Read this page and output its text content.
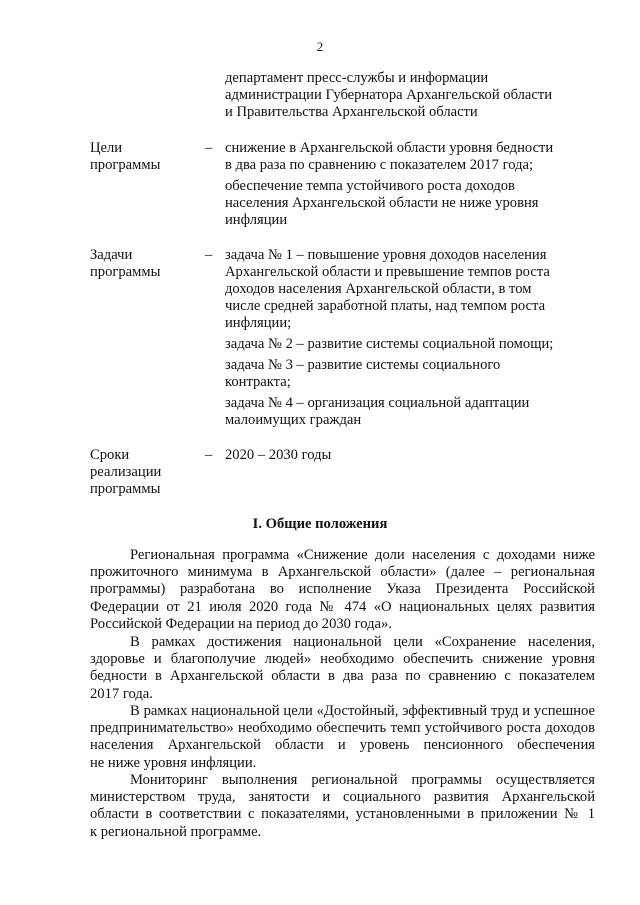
2
департамент пресс-службы и информации
администрации Губернатора Архангельской области
и Правительства Архангельской области
Цели
программы
– снижение в Архангельской области уровня бедности
в два раза по сравнению с показателем 2017 года;
обеспечение темпа устойчивого роста доходов
населения Архангельской области не ниже уровня
инфляции
Задачи
программы
– задача № 1 – повышение уровня доходов населения
Архангельской области и превышение темпов роста
доходов населения Архангельской области, в том
числе средней заработной платы, над темпом роста
инфляции;
задача № 2 – развитие системы социальной помощи;
задача № 3 – развитие системы социального
контракта;
задача № 4 – организация социальной адаптации
малоимущих граждан
Сроки
реализации
программы
– 2020 – 2030 годы
I. Общие положения
Региональная программа «Снижение доли населения с доходами ниже
прожиточного минимума в Архангельской области» (далее – региональная
программы) разработана во исполнение Указа Президента Российской
Федерации от 21 июля 2020 года № 474 «О национальных целях развития
Российской Федерации на период до 2030 года».
В рамках достижения национальной цели «Сохранение населения,
здоровье и благополучие людей» необходимо обеспечить снижение уровня
бедности в Архангельской области в два раза по сравнению с показателем
2017 года.
В рамках национальной цели «Достойный, эффективный труд и успешное
предпринимательство» необходимо обеспечить темп устойчивого роста доходов
населения Архангельской области и уровень пенсионного обеспечения
не ниже уровня инфляции.
Мониторинг выполнения региональной программы осуществляется
министерством труда, занятости и социального развития Архангельской
области в соответствии с показателями, установленными в приложении № 1
к региональной программе.
